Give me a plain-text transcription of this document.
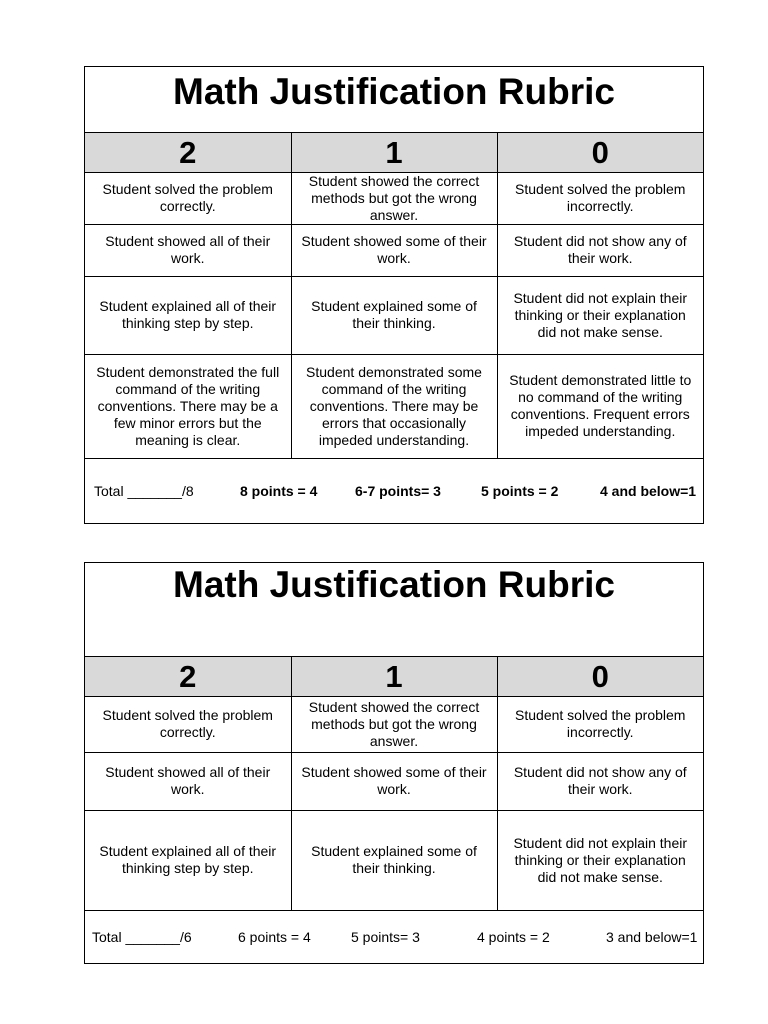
Math Justification Rubric
2	1	0
Student solved the problem correctly.	Student showed the correct methods but got the wrong answer.	Student solved the problem incorrectly.
Student showed all of their work.	Student showed some of their work.	Student did not show any of their work.
Student explained all of their thinking step by step.	Student explained some of their thinking.	Student did not explain their thinking or their explanation did not make sense.
Student demonstrated the full command of the writing conventions. There may be a few minor errors but the meaning is clear.	Student demonstrated some command of the writing conventions. There may be errors that occasionally impeded understanding.	Student demonstrated little to no command of the writing conventions. Frequent errors impeded understanding.
Total _______/8	8 points = 4	6-7 points= 3	5 points = 2	4 and below=1
Math Justification Rubric
2	1	0
Student solved the problem correctly.	Student showed the correct methods but got the wrong answer.	Student solved the problem incorrectly.
Student showed all of their work.	Student showed some of their work.	Student did not show any of their work.
Student explained all of their thinking step by step.	Student explained some of their thinking.	Student did not explain their thinking or their explanation did not make sense.
Total _______/6	6 points = 4	5 points= 3	4 points = 2	3 and below=1
